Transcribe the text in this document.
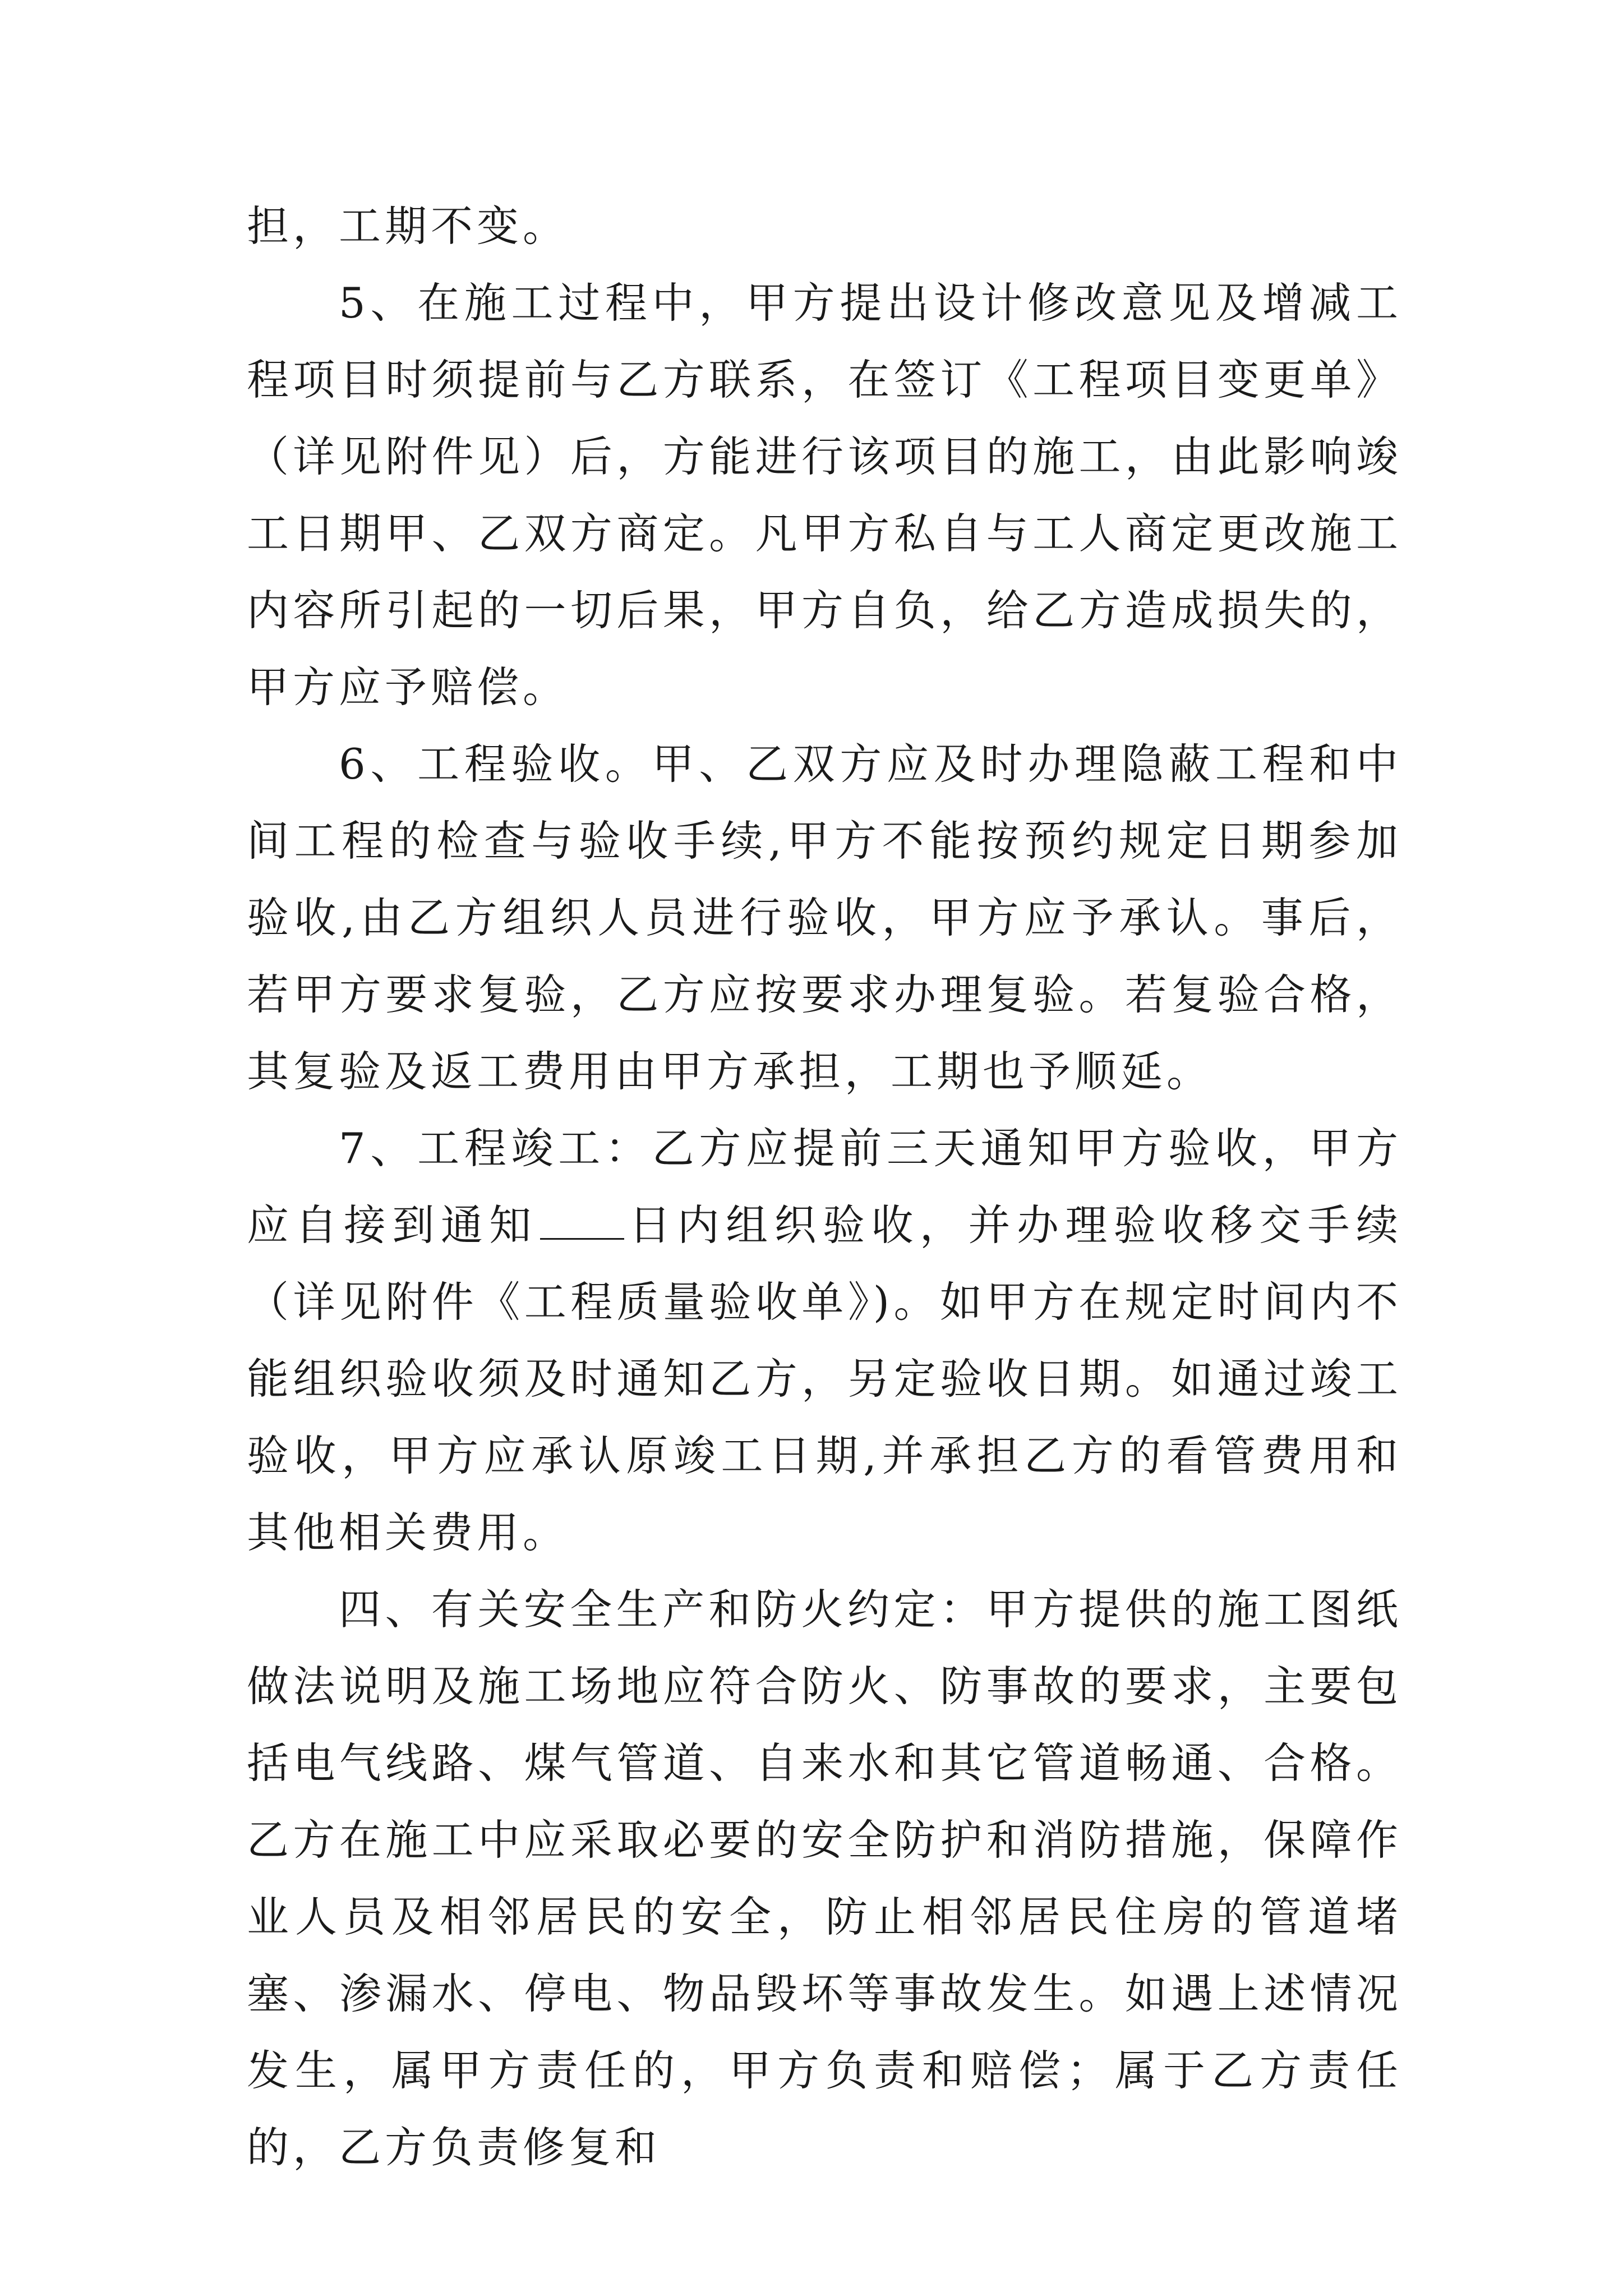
担，工期不变。

5、在施工过程中，甲方提出设计修改意见及增减工程项目时须提前与乙方联系，在签订《工程项目变更单》（详见附件见）后，方能进行该项目的施工，由此影响竣工日期甲、乙双方商定。凡甲方私自与工人商定更改施工内容所引起的一切后果，甲方自负，给乙方造成损失的，甲方应予赔偿。

6、工程验收。甲、乙双方应及时办理隐蔽工程和中间工程的检查与验收手续,甲方不能按预约规定日期参加验收,由乙方组织人员进行验收，甲方应予承认。事后，若甲方要求复验，乙方应按要求办理复验。若复验合格，其复验及返工费用由甲方承担，工期也予顺延。

7、工程竣工：乙方应提前三天通知甲方验收，甲方应自接到通知 日内组织验收，并办理验收移交手续（详见附件《工程质量验收单》)。如甲方在规定时间内不能组织验收须及时通知乙方，另定验收日期。如通过竣工验收，甲方应承认原竣工日期,并承担乙方的看管费用和其他相关费用。

四、有关安全生产和防火约定：甲方提供的施工图纸做法说明及施工场地应符合防火、防事故的要求，主要包括电气线路、煤气管道、自来水和其它管道畅通、合格。乙方在施工中应采取必要的安全防护和消防措施，保障作业人员及相邻居民的安全，防止相邻居民住房的管道堵塞、渗漏水、停电、物品毁坏等事故发生。如遇上述情况发生，属甲方责任的，甲方负责和赔偿；属于乙方责任的，乙方负责修复和
